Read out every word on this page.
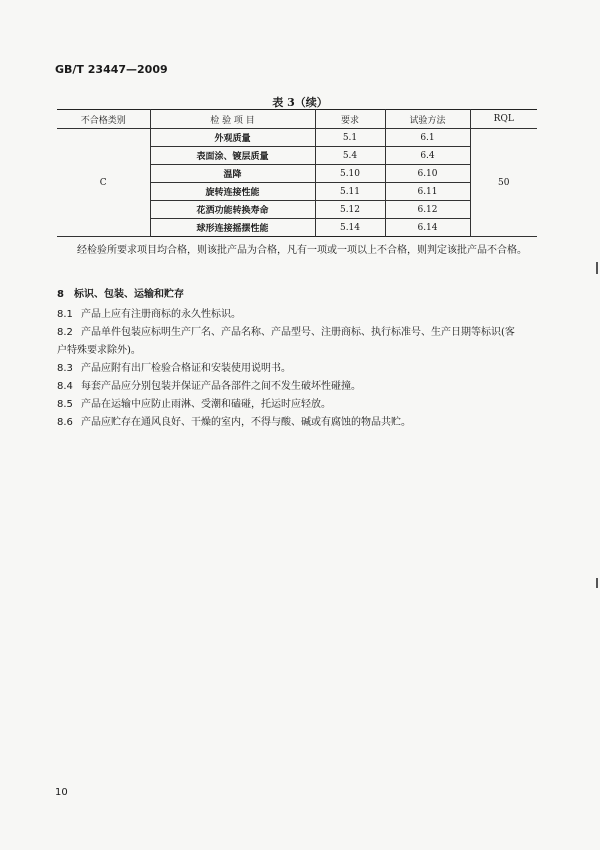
GB/T 23447—2009
表 3（续）
不合格类别	检 验 项 目	要求	试验方法	RQL
C	外观质量	5.1	6.1	50
	表面涂、镀层质量	5.4	6.4	
	温降	5.10	6.10	
	旋转连接性能	5.11	6.11	
	花洒功能转换寿命	5.12	6.12	
	球形连接摇摆性能	5.14	6.14	
经检验所要求项目均合格，则该批产品为合格，凡有一项或一项以上不合格，则判定该批产品不合格。
8 标识、包装、运输和贮存
8.1 产品上应有注册商标的永久性标识。
8.2 产品单件包装应标明生产厂名、产品名称、产品型号、注册商标、执行标准号、生产日期等标识(客
户特殊要求除外)。
8.3 产品应附有出厂检验合格证和安装使用说明书。
8.4 每套产品应分别包装并保证产品各部件之间不发生破坏性碰撞。
8.5 产品在运输中应防止雨淋、受潮和磕碰，托运时应轻放。
8.6 产品应贮存在通风良好、干燥的室内，不得与酸、碱或有腐蚀的物品共贮。
10
